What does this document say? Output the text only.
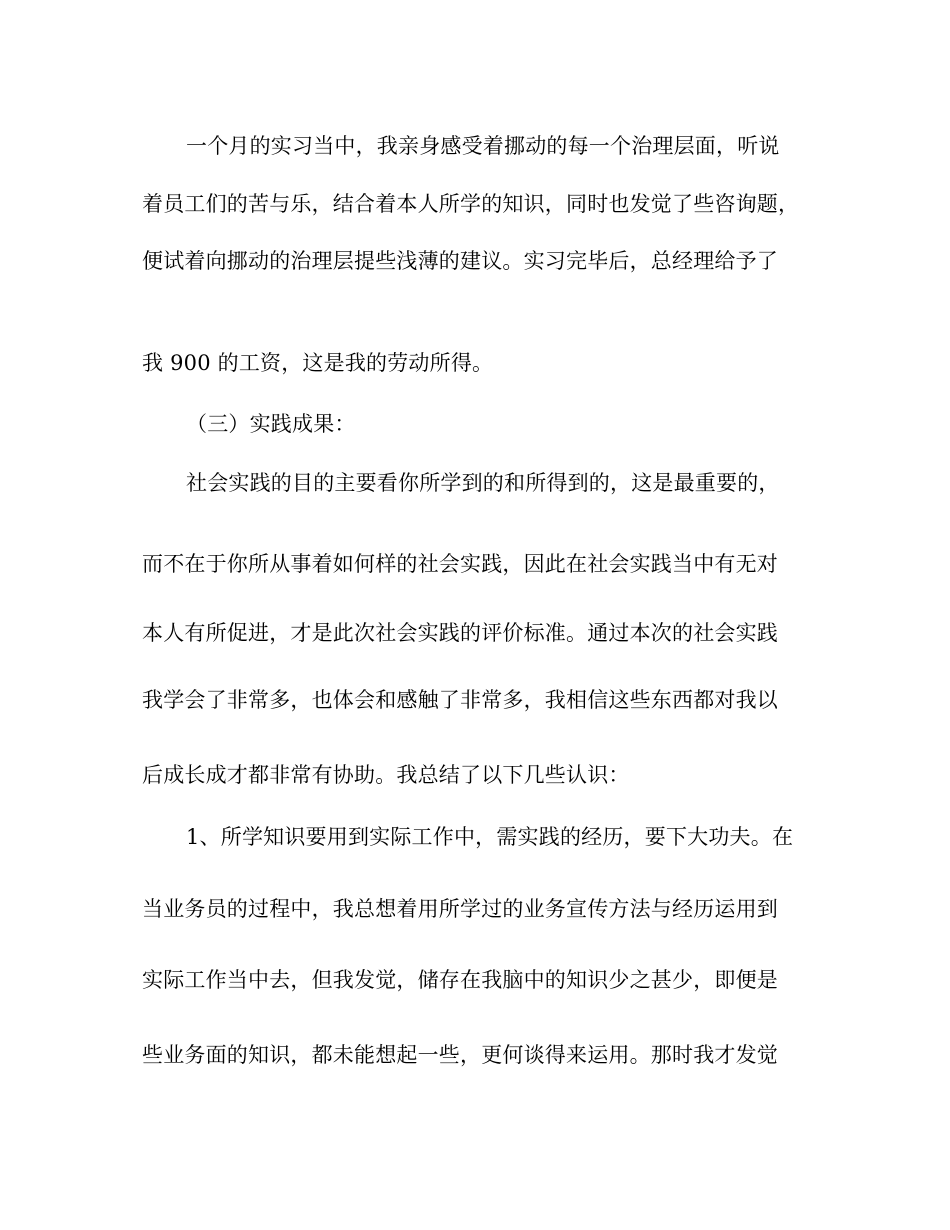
一个月的实习当中，我亲身感受着挪动的每一个治理层面，听说
着员工们的苦与乐，结合着本人所学的知识，同时也发觉了些咨询题，
便试着向挪动的治理层提些浅薄的建议。实习完毕后，总经理给予了
我 900 的工资，这是我的劳动所得。
（三）实践成果：
社会实践的目的主要看你所学到的和所得到的，这是最重要的，
而不在于你所从事着如何样的社会实践，因此在社会实践当中有无对
本人有所促进，才是此次社会实践的评价标准。通过本次的社会实践
我学会了非常多，也体会和感触了非常多，我相信这些东西都对我以
后成长成才都非常有协助。我总结了以下几些认识：
1、所学知识要用到实际工作中，需实践的经历，要下大功夫。在
当业务员的过程中，我总想着用所学过的业务宣传方法与经历运用到
实际工作当中去，但我发觉，储存在我脑中的知识少之甚少，即便是
些业务面的知识，都未能想起一些，更何谈得来运用。那时我才发觉
